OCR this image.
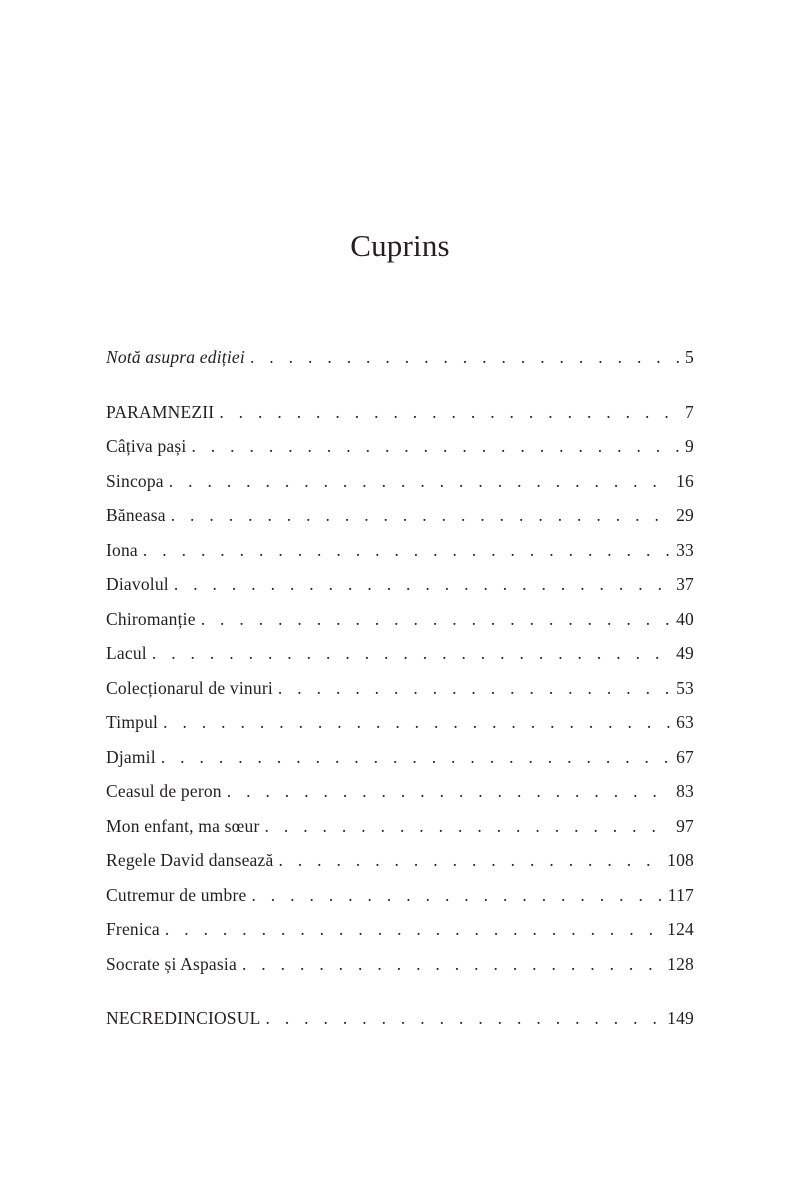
Cuprins
Notă asupra ediției . . .	5
PARAMNEZII . . .	7
Câțiva pași . . .	9
Sincopa . . .	16
Băneasa . . .	29
Iona . . .	33
Diavolul . . .	37
Chiromanție . . .	40
Lacul . . .	49
Colecționarul de vinuri . . .	53
Timpul . . .	63
Djamil . . .	67
Ceasul de peron . . .	83
Mon enfant, ma sœur . . .	97
Regele David dansează . . .	108
Cutremur de umbre . . .	117
Frenica . . .	124
Socrate și Aspasia . . .	128
NECREDINCIOSUL . . .	149
